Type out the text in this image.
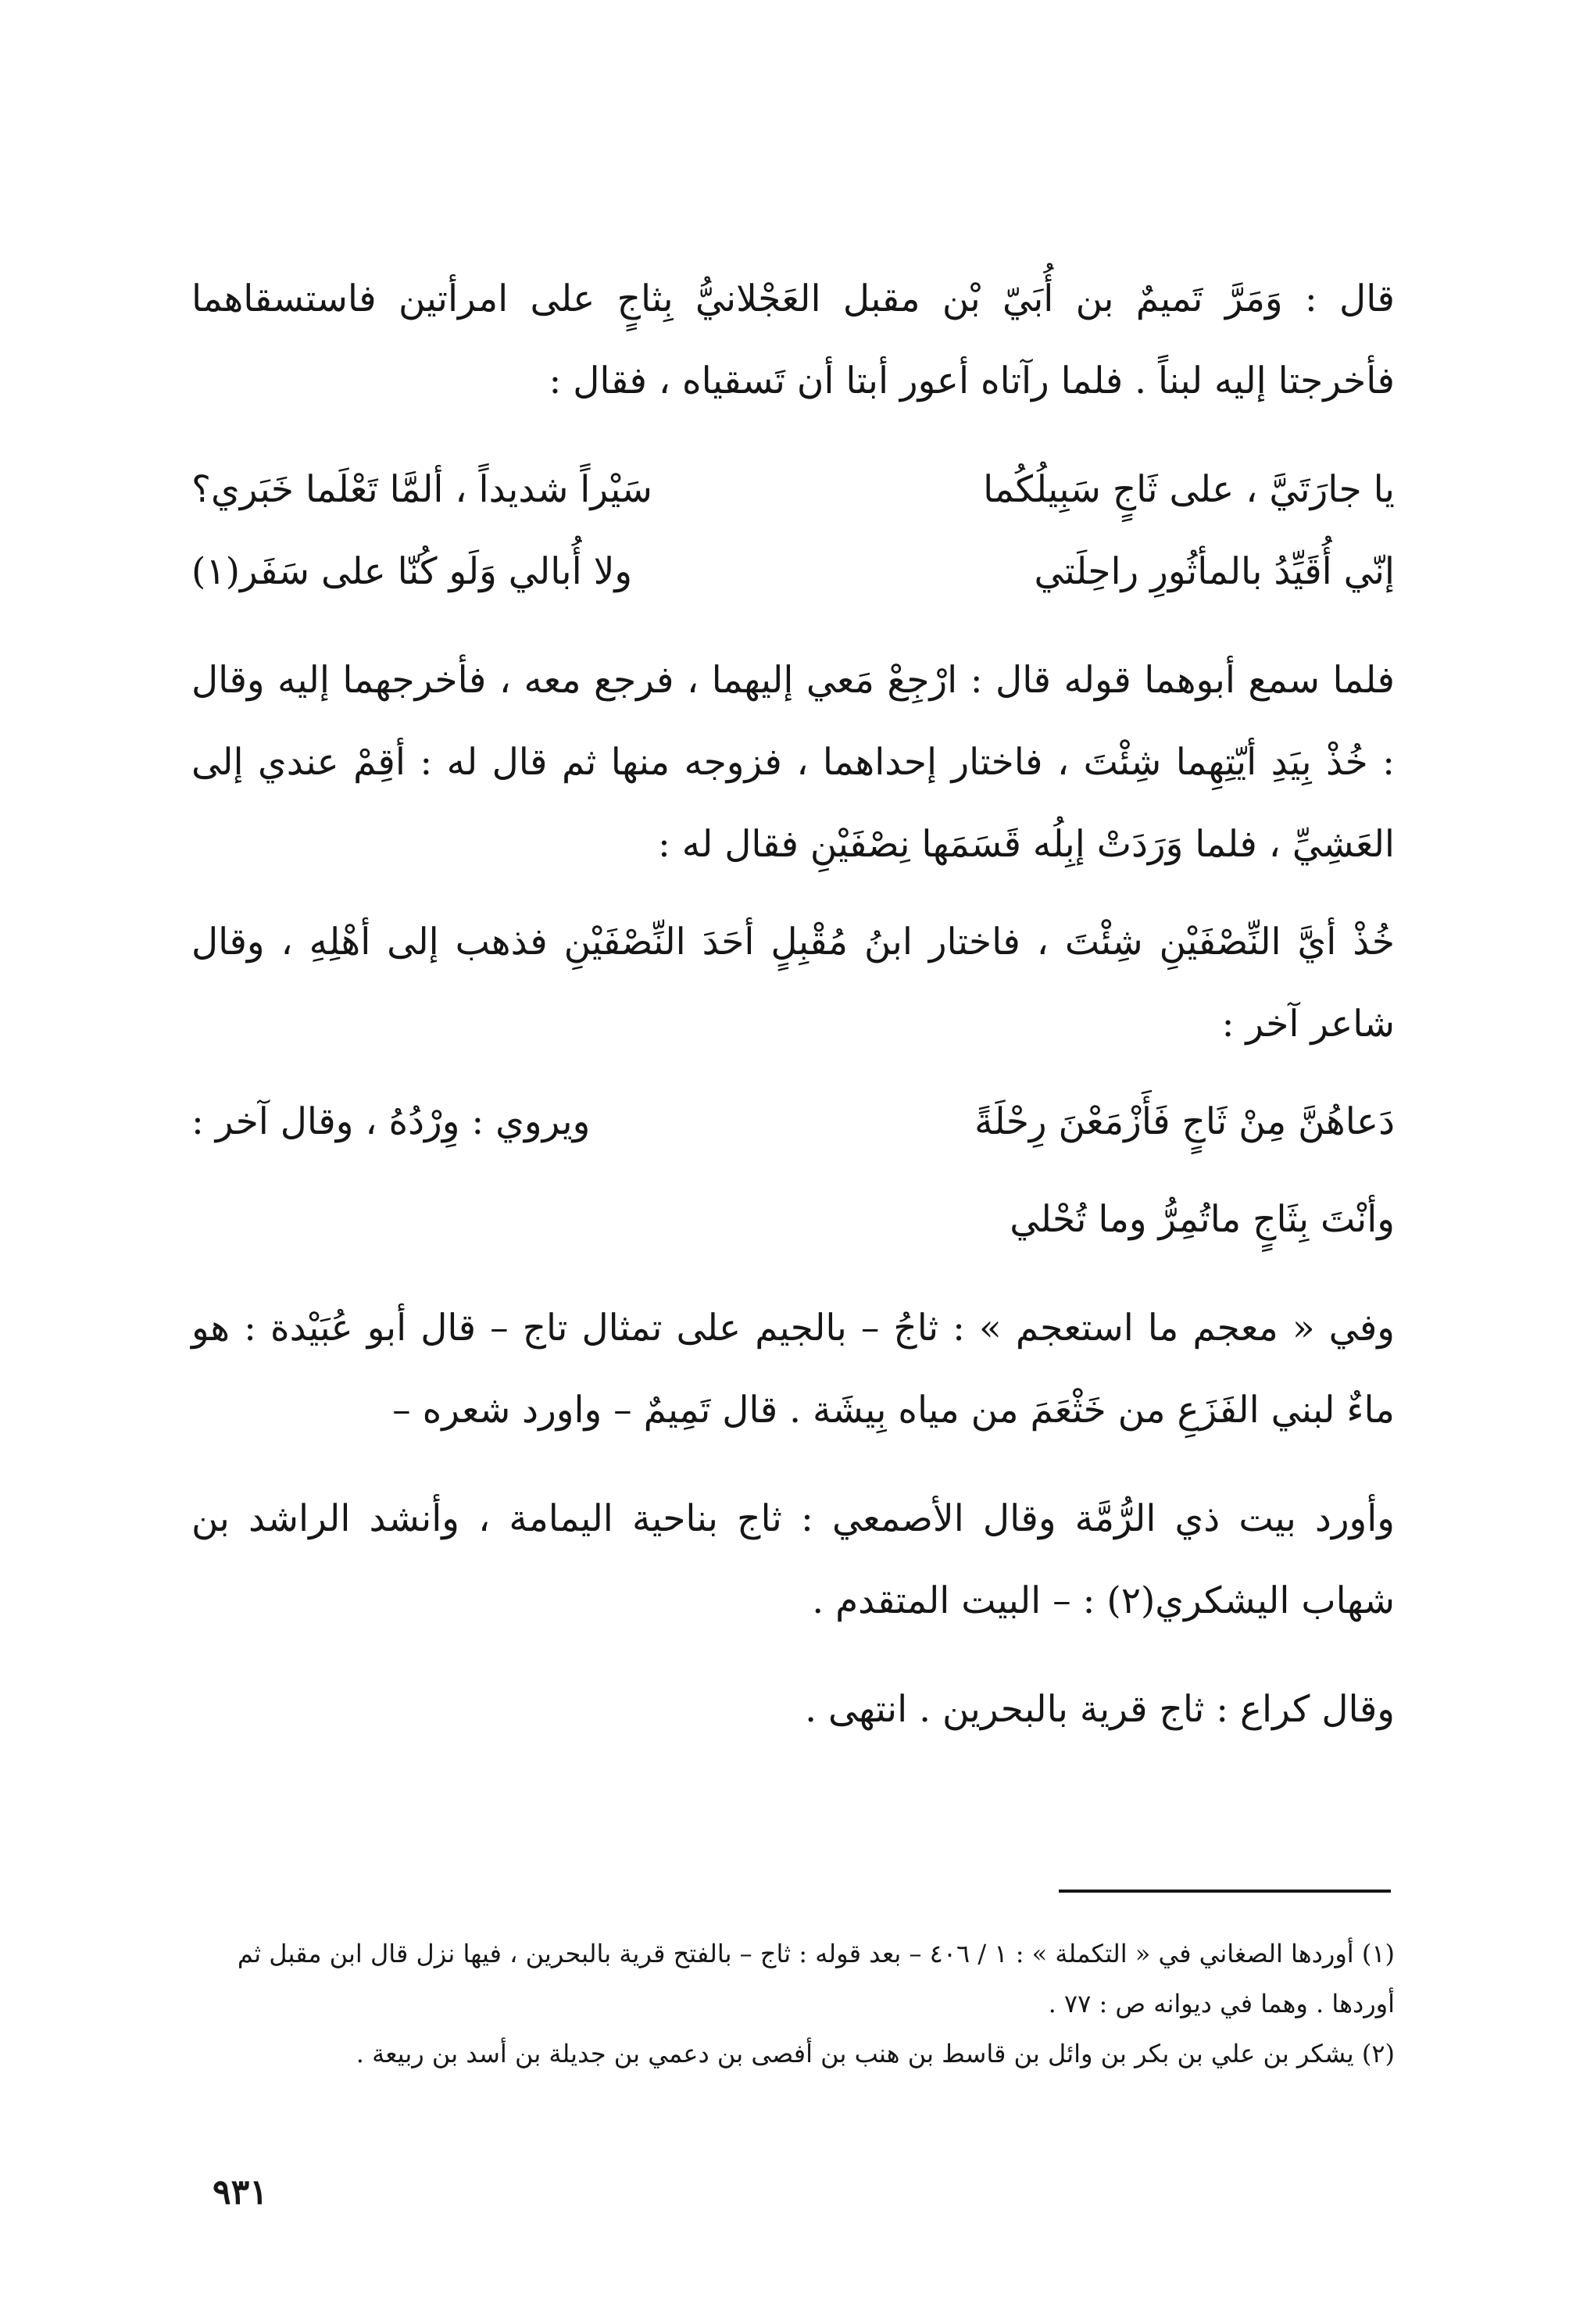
قال : وَمَرَّ تَميمٌ بن أُبَيّ بْن مقبل العَجْلانيُّ بِثاجٍ على امرأتين فاستسقاهما فأخرجتا إليه لبناً . فلما رآتاه أعور أبتا أن تَسقياه ، فقال :

يا جارَتَيَّ ، على ثَاجٍ سَبِيلُكُما
سَيْراً شديداً ، ألمَّا تَعْلَما خَبَري؟
إنّي أُقَيِّدُ بالمأثُورِ راحِلَتي
ولا أُبالي وَلَو كُنّا على سَفَر(١)

فلما سمع أبوهما قوله قال : ارْجِعْ مَعي إليهما ، فرجع معه ، فأخرجهما إليه وقال : خُذْ بِيَدِ أيّتِهِما شِئْتَ ، فاختار إحداهما ، فزوجه منها ثم قال له : أقِمْ عندي إلى العَشِيِّ ، فلما وَرَدَتْ إبِلُه قَسَمَها نِصْفَيْنِ فقال له :

خُذْ أيَّ النِّصْفَيْنِ شِئْتَ ، فاختار ابنُ مُقْبِلٍ أحَدَ النِّصْفَيْنِ فذهب إلى أهْلِهِ ، وقال شاعر آخر :

دَعاهُنَّ مِنْ ثَاجٍ فَأَزْمَعْنَ رِحْلَةً
ويروي : وِرْدُهُ ، وقال آخر :
وأنْتَ بِثَاجٍ ماتُمِرُّ وما تُحْلي

وفي « معجم ما استعجم » : ثاجُ – بالجيم على تمثال تاج – قال أبو عُبَيْدة : هو ماءٌ لبني الفَزَعِ من خَثْعَمَ من مياه بِيشَة . قال تَمِيمٌ – واورد شعره –

وأورد بيت ذي الرُّمَّة وقال الأصمعي : ثاج بناحية اليمامة ، وأنشد الراشد بن شهاب اليشكري(٢) : – البيت المتقدم .

وقال كراع : ثاج قرية بالبحرين . انتهى .

(١) أوردها الصغاني في « التكملة » : ١ / ٤٠٦ – بعد قوله : ثاج – بالفتح قرية بالبحرين ، فيها نزل قال ابن مقبل ثم أوردها . وهما في ديوانه ص : ٧٧ .

(٢) يشكر بن علي بن بكر بن وائل بن قاسط بن هنب بن أفصى بن دعمي بن جديلة بن أسد بن ربيعة .

٩٣١
